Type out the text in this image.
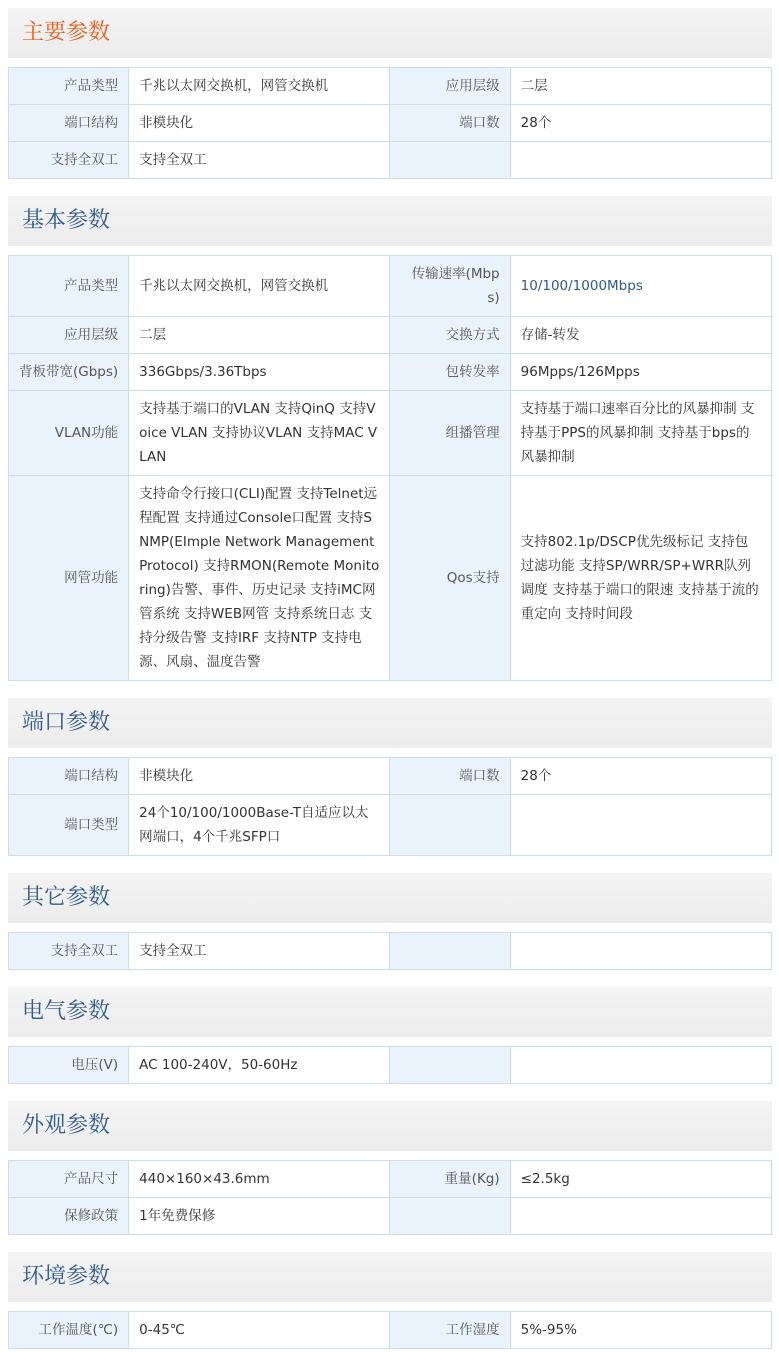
主要参数
产品类型	千兆以太网交换机，网管交换机	应用层级	二层
端口结构	非模块化	端口数	28个
支持全双工	支持全双工		
基本参数
产品类型	千兆以太网交换机，网管交换机	传输速率(Mbps)	10/100/1000Mbps
应用层级	二层	交换方式	存储-转发
背板带宽(Gbps)	336Gbps/3.36Tbps	包转发率	96Mpps/126Mpps
VLAN功能	支持基于端口的VLAN 支持QinQ 支持Voice VLAN 支持协议VLAN 支持MAC VLAN	组播管理	支持基于端口速率百分比的风暴抑制 支持基于PPS的风暴抑制 支持基于bps的风暴抑制
网管功能	支持命令行接口(CLI)配置 支持Telnet远程配置 支持通过Console口配置 支持SNMP(EImple Network Management Protocol) 支持RMON(Remote Monitoring)告警、事件、历史记录 支持iMC网管系统 支持WEB网管 支持系统日志 支持分级告警 支持IRF 支持NTP 支持电源、风扇、温度告警	Qos支持	支持802.1p/DSCP优先级标记 支持包过滤功能 支持SP/WRR/SP+WRR队列调度 支持基于端口的限速 支持基于流的重定向 支持时间段
端口参数
端口结构	非模块化	端口数	28个
端口类型	24个10/100/1000Base-T自适应以太网端口，4个千兆SFP口		
其它参数
支持全双工	支持全双工		
电气参数
电压(V)	AC 100-240V，50-60Hz		
外观参数
产品尺寸	440×160×43.6mm	重量(Kg)	≤2.5kg
保修政策	1年免费保修		
环境参数
工作温度(℃)	0-45℃	工作湿度	5%-95%
